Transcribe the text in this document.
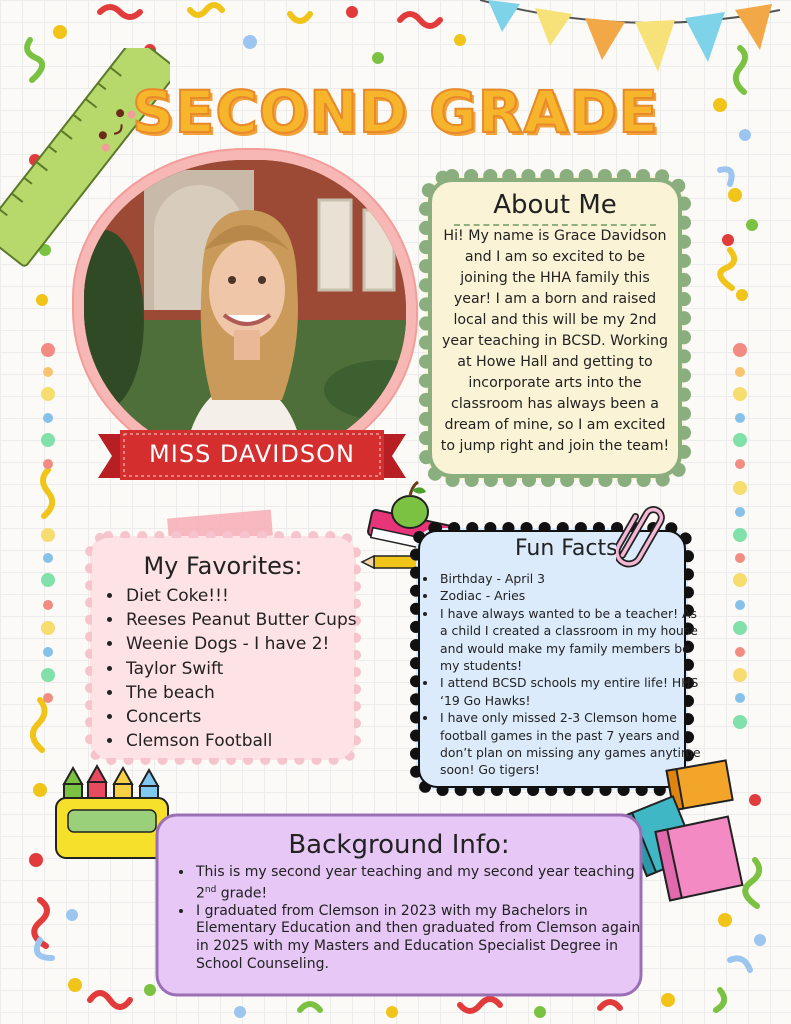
SECOND GRADE
MISS DAVIDSON
About Me
Hi! My name is Grace Davidson and I am so excited to be joining the HHA family this year! I am a born and raised local and this will be my 2nd year teaching in BCSD. Working at Howe Hall and getting to incorporate arts into the classroom has always been a dream of mine, so I am excited to jump right and join the team!
My Favorites:
• Diet Coke!!!
• Reeses Peanut Butter Cups
• Weenie Dogs - I have 2!
• Taylor Swift
• The beach
• Concerts
• Clemson Football
Fun Facts:
• Birthday - April 3
• Zodiac - Aries
• I have always wanted to be a teacher! As a child I created a classroom in my house and would make my family members be my students!
• I attend BCSD schools my entire life! HHS ‘19 Go Hawks!
• I have only missed 2-3 Clemson home football games in the past 7 years and don’t plan on missing any games anytime soon! Go tigers!
Background Info:
• This is my second year teaching and my second year teaching 2nd grade!
• I graduated from Clemson in 2023 with my Bachelors in Elementary Education and then graduated from Clemson again in 2025 with my Masters and Education Specialist Degree in School Counseling.
